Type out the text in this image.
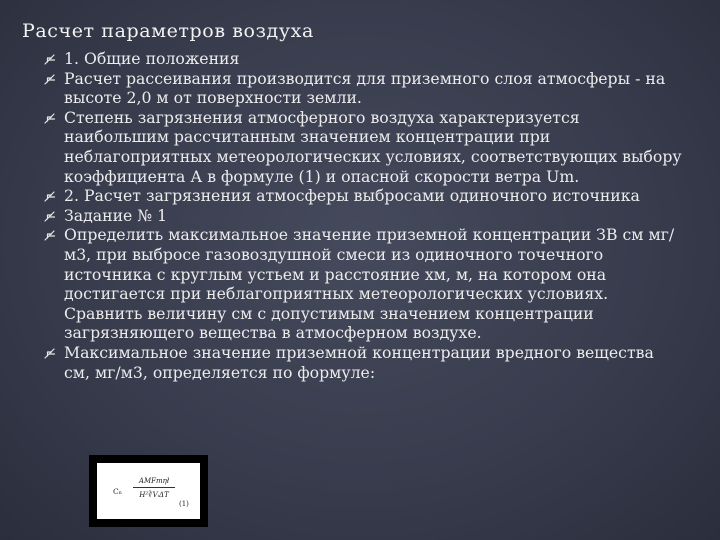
Расчет параметров воздуха
1. Общие положения
Расчет рассеивания производится для приземного слоя атмосферы - на высоте 2,0 м от поверхности земли.
Степень загрязнения атмосферного воздуха характеризуется наибольшим рассчитанным значением концентрации при неблагоприятных метеорологических условиях, соответствующих выбору коэффициента А в формуле (1) и опасной скорости ветра Um.
2. Расчет загрязнения атмосферы выбросами одиночного источника
Задание № 1
Определить максимальное значение приземной концентрации ЗВ см мг/м3, при выбросе газовоздушной смеси из одиночного точечного источника с круглым устьем и расстояние хм, м, на котором она достигается при неблагоприятных метеорологических условиях. Сравнить величину см с допустимым значением концентрации загрязняющего вещества в атмосферном воздухе.
Максимальное значение приземной концентрации вредного вещества см, мг/м3, определяется по формуле:
Cₙ
AMFmηł
H²∛VᵢΔT
(1)
